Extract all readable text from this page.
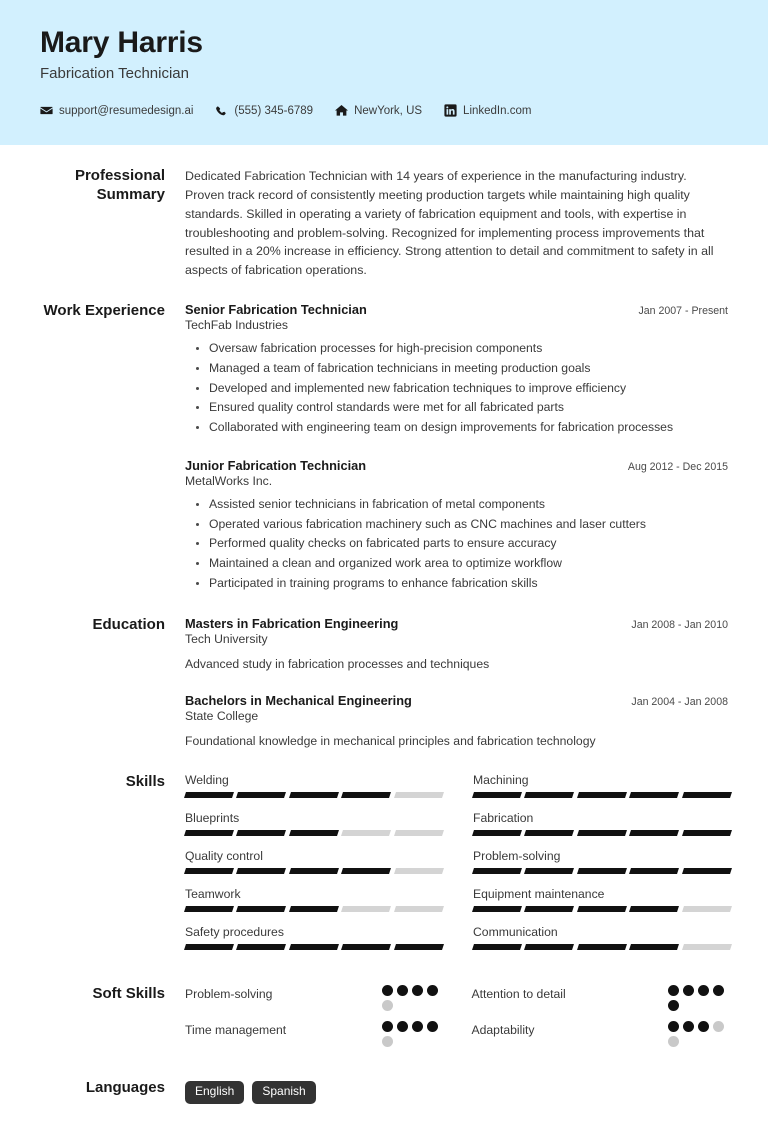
Mary Harris
Fabrication Technician
support@resumedesign.ai	(555) 345-6789	NewYork, US	LinkedIn.com
Professional Summary
Dedicated Fabrication Technician with 14 years of experience in the manufacturing industry. Proven track record of consistently meeting production targets while maintaining high quality standards. Skilled in operating a variety of fabrication equipment and tools, with expertise in troubleshooting and problem-solving. Recognized for implementing process improvements that resulted in a 20% increase in efficiency. Strong attention to detail and commitment to safety in all aspects of fabrication operations.
Work Experience	Senior Fabrication Technician	Jan 2007 - Present
TechFab Industries
Oversaw fabrication processes for high-precision components
Managed a team of fabrication technicians in meeting production goals
Developed and implemented new fabrication techniques to improve efficiency
Ensured quality control standards were met for all fabricated parts
Collaborated with engineering team on design improvements for fabrication processes
Junior Fabrication Technician	Aug 2012 - Dec 2015
MetalWorks Inc.
Assisted senior technicians in fabrication of metal components
Operated various fabrication machinery such as CNC machines and laser cutters
Performed quality checks on fabricated parts to ensure accuracy
Maintained a clean and organized work area to optimize workflow
Participated in training programs to enhance fabrication skills
Education	Masters in Fabrication Engineering	Jan 2008 - Jan 2010
Tech University
Advanced study in fabrication processes and techniques
Bachelors in Mechanical Engineering	Jan 2004 - Jan 2008
State College
Foundational knowledge in mechanical principles and fabrication technology
Skills	Welding	Machining
Blueprints	Fabrication
Quality control	Problem-solving
Teamwork	Equipment maintenance
Safety procedures	Communication
Soft Skills	Problem-solving	Attention to detail
Time management	Adaptability
Languages	English	Spanish
